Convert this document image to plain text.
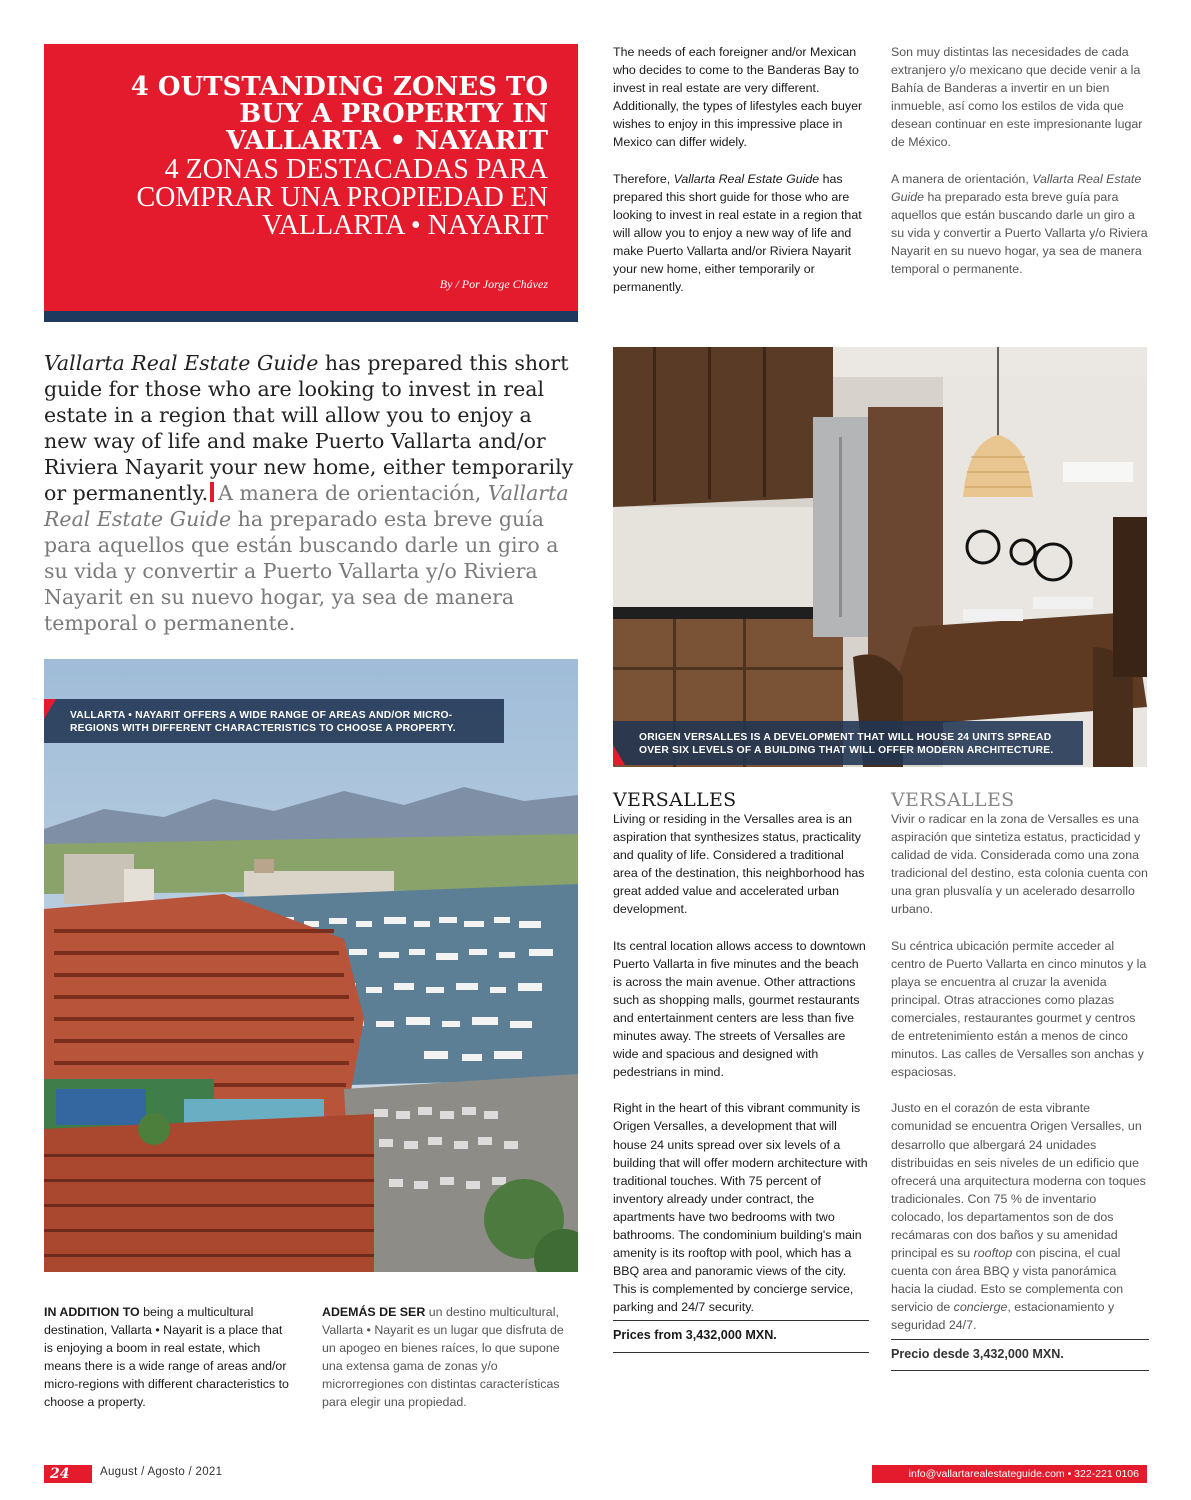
4 OUTSTANDING ZONES TO BUY A PROPERTY IN VALLARTA • NAYARIT
4 ZONAS DESTACADAS PARA COMPRAR UNA PROPIEDAD EN VALLARTA • NAYARIT
By / Por Jorge Chávez
Vallarta Real Estate Guide has prepared this short guide for those who are looking to invest in real estate in a region that will allow you to enjoy a new way of life and make Puerto Vallarta and/or Riviera Nayarit your new home, either temporarily or permanently. A manera de orientación, Vallarta Real Estate Guide ha preparado esta breve guía para aquellos que están buscando darle un giro a su vida y convertir a Puerto Vallarta y/o Riviera Nayarit en su nuevo hogar, ya sea de manera temporal o permanente.

The needs of each foreigner and/or Mexican who decides to come to the Banderas Bay to invest in real estate are very different. Additionally, the types of lifestyles each buyer wishes to enjoy in this impressive place in Mexico can differ widely.

Therefore, Vallarta Real Estate Guide has prepared this short guide for those who are looking to invest in real estate in a region that will allow you to enjoy a new way of life and make Puerto Vallarta and/or Riviera Nayarit your new home, either temporarily or permanently.

Son muy distintas las necesidades de cada extranjero y/o mexicano que decide venir a la Bahía de Banderas a invertir en un bien inmueble, así como los estilos de vida que desean continuar en este impresionante lugar de México.

A manera de orientación, Vallarta Real Estate Guide ha preparado esta breve guía para aquellos que están buscando darle un giro a su vida y convertir a Puerto Vallarta y/o Riviera Nayarit en su nuevo hogar, ya sea de manera temporal o permanente.

VALLARTA • NAYARIT OFFERS A WIDE RANGE OF AREAS AND/OR MICRO-REGIONS WITH DIFFERENT CHARACTERISTICS TO CHOOSE A PROPERTY.
ORIGEN VERSALLES IS A DEVELOPMENT THAT WILL HOUSE 24 UNITS SPREAD OVER SIX LEVELS OF A BUILDING THAT WILL OFFER MODERN ARCHITECTURE.
IN ADDITION TO being a multicultural destination, Vallarta • Nayarit is a place that is enjoying a boom in real estate, which means there is a wide range of areas and/or micro-regions with different characteristics to choose a property.
ADEMÁS DE SER un destino multicultural, Vallarta • Nayarit es un lugar que disfruta de un apogeo en bienes raíces, lo que supone una extensa gama de zonas y/o microrregiones con distintas características para elegir una propiedad.
VERSALLES

Living or residing in the Versalles area is an aspiration that synthesizes status, practicality and quality of life. Considered a traditional area of the destination, this neighborhood has great added value and accelerated urban development.

Its central location allows access to downtown Puerto Vallarta in five minutes and the beach is across the main avenue. Other attractions such as shopping malls, gourmet restaurants and entertainment centers are less than five minutes away. The streets of Versalles are wide and spacious and designed with pedestrians in mind.

Right in the heart of this vibrant community is Origen Versalles, a development that will house 24 units spread over six levels of a building that will offer modern architecture with traditional touches. With 75 percent of inventory already under contract, the apartments have two bedrooms with two bathrooms. The condominium building's main amenity is its rooftop with pool, which has a BBQ area and panoramic views of the city. This is complemented by concierge service, parking and 24/7 security.

Prices from 3,432,000 MXN.
VERSALLES

Vivir o radicar en la zona de Versalles es una aspiración que sintetiza estatus, practicidad y calidad de vida. Considerada como una zona tradicional del destino, esta colonia cuenta con una gran plusvalía y un acelerado desarrollo urbano.

Su céntrica ubicación permite acceder al centro de Puerto Vallarta en cinco minutos y la playa se encuentra al cruzar la avenida principal. Otras atracciones como plazas comerciales, restaurantes gourmet y centros de entretenimiento están a menos de cinco minutos. Las calles de Versalles son anchas y espaciosas.

Justo en el corazón de esta vibrante comunidad se encuentra Origen Versalles, un desarrollo que albergará 24 unidades distribuidas en seis niveles de un edificio que ofrecerá una arquitectura moderna con toques tradicionales. Con 75 % de inventario colocado, los departamentos son de dos recámaras con dos baños y su amenidad principal es su rooftop con piscina, el cual cuenta con área BBQ y vista panorámica hacia la ciudad. Esto se complementa con servicio de concierge, estacionamiento y seguridad 24/7.

Precio desde 3,432,000 MXN.
24	August / Agosto / 2021	info@vallartarealestateguide.com • 322-221 0106
